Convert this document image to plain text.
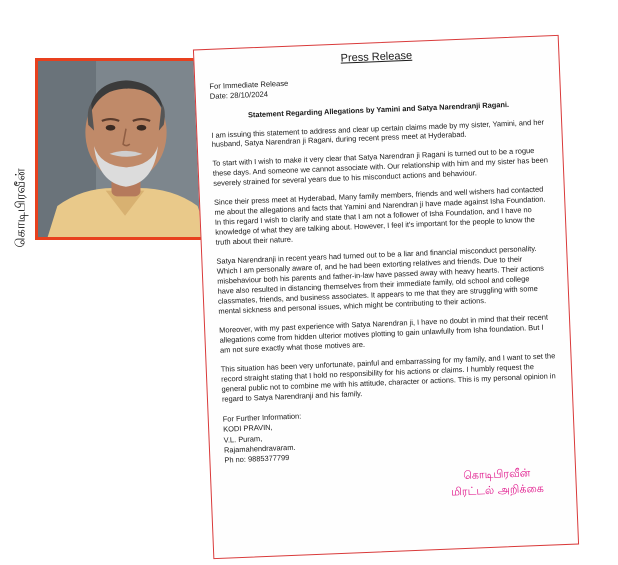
கொடிபிரவீன்
Press Release
For Immediate Release
Date: 28/10/2024
Statement Regarding Allegations by Yamini and Satya Narendranji Ragani.

I am issuing this statement to address and clear up certain claims made by my sister, Yamini, and her husband, Satya Narendran ji Ragani, during recent press meet at Hyderabad.

To start with I wish to make it very clear that Satya Narendran ji Ragani is turned out to be a rogue these days. And someone we cannot associate with. Our relationship with him and my sister has been severely strained for several years due to his misconduct actions and behaviour.

Since their press meet at Hyderabad, Many family members, friends and well wishers had contacted me about the allegations and facts that Yamini and Narendran ji have made against Isha Foundation. In this regard I wish to clarify and state that I am not a follower of Isha Foundation, and I have no knowledge of what they are talking about. However, I feel it's important for the people to know the truth about their nature.

Satya Narendranji in recent years had turned out to be a liar and financial misconduct personality. Which I am personally aware of, and he had been extorting relatives and friends. Due to their misbehaviour both his parents and father-in-law have passed away with heavy hearts. Their actions have also resulted in distancing themselves from their immediate family, old school and college classmates, friends, and business associates. It appears to me that they are struggling with some mental sickness and personal issues, which might be contributing to their actions.

Moreover, with my past experience with Satya Narendran ji, I have no doubt in mind that their recent allegations come from hidden ulterior motives plotting to gain unlawfully from Isha foundation. But I am not sure exactly what those motives are.

This situation has been very unfortunate, painful and embarrassing for my family, and I want to set the record straight stating that I hold no responsibility for his actions or claims. I humbly request the general public not to combine me with his attitude, character or actions. This is my personal opinion in regard to Satya Narendranji and his family.

For Further Information:
KODI PRAVIN,
V.L. Puram,
Rajamahendravaram.
Ph no: 9885377799
கொடிபிரவீன்
மிரட்டல் அறிக்கை
